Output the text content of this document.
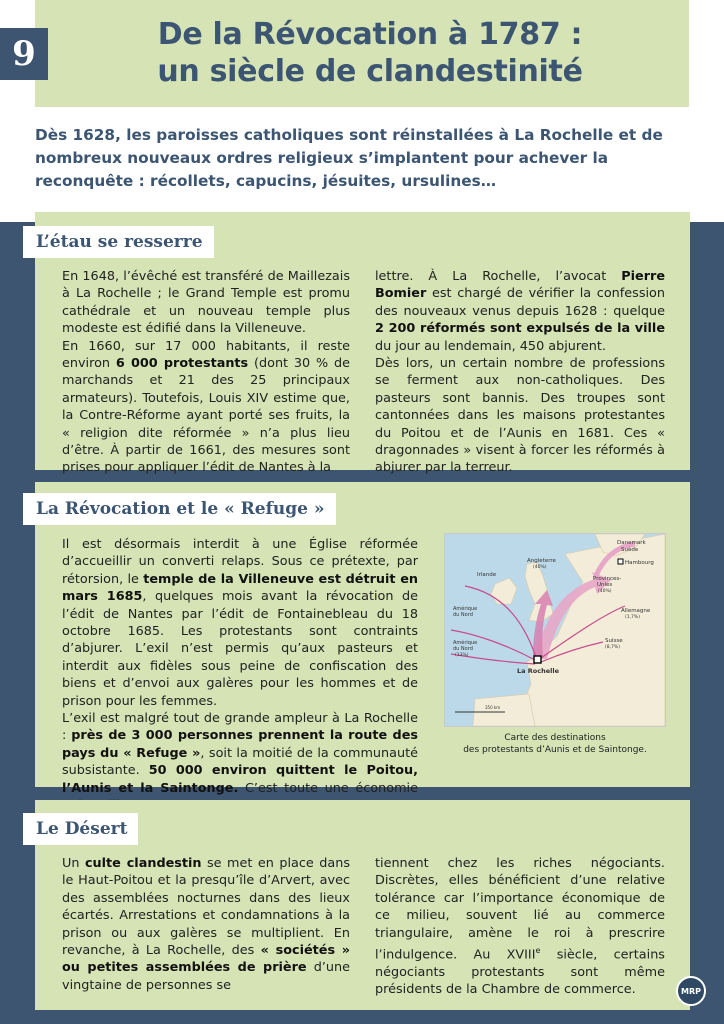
9	De la Révocation à 1787 :
un siècle de clandestinité
Dès 1628, les paroisses catholiques sont réinstallées à La Rochelle et de nombreux nouveaux ordres religieux s’implantent pour achever la reconquête : récollets, capucins, jésuites, ursulines…
L’étau se resserre

En 1648, l’évêché est transféré de Maillezais à La Rochelle ; le Grand Temple est promu cathédrale et un nouveau temple plus modeste est édifié dans la Villeneuve.

En 1660, sur 17 000 habitants, il reste environ 6 000 protestants (dont 30 % de marchands et 21 des 25 principaux armateurs). Toutefois, Louis XIV estime que, la Contre-Réforme ayant porté ses fruits, la « religion dite réformée » n’a plus lieu d’être. À partir de 1661, des mesures sont prises pour appliquer l’édit de Nantes à la

lettre. À La Rochelle, l’avocat Pierre Bomier est chargé de vérifier la confession des nouveaux venus depuis 1628 : quelque 2 200 réformés sont expulsés de la ville du jour au lendemain, 450 abjurent.

Dès lors, un certain nombre de professions se ferment aux non-catholiques. Des pasteurs sont bannis. Des troupes sont cantonnées dans les maisons protestantes du Poitou et de l’Aunis en 1681. Ces « dragonnades » visent à forcer les réformés à abjurer par la terreur.

La Révocation et le « Refuge »

Il est désormais interdit à une Église réformée d’accueillir un converti relaps. Sous ce prétexte, par rétorsion, le temple de la Villeneuve est détruit en mars 1685, quelques mois avant la révocation de l’édit de Nantes par l’édit de Fontainebleau du 18 octobre 1685. Les protestants sont contraints d’abjurer. L’exil n’est permis qu’aux pasteurs et interdit aux fidèles sous peine de confiscation des biens et d’envoi aux galères pour les hommes et de prison pour les femmes.

L’exil est malgré tout de grande ampleur à La Rochelle : près de 3 000 personnes prennent la route des pays du « Refuge », soit la moitié de la communauté subsistante. 50 000 environ quittent le Poitou, l’Aunis et la Saintonge. C’est toute une économie

Danemark
Suède
Hambourg
Irlande
Angleterre
(40%)
Provinces-
Unies
(40%)
Amérique
du Nord
Allemagne
(1,7%)
Amérique
du Nord
(13%)
Suisse
(8,7%)
La Rochelle
350 km
Carte des destinations
des protestants d’Aunis et de Saintonge.
Le Désert

Un culte clandestin se met en place dans le Haut-Poitou et la presqu’île d’Arvert, avec des assemblées nocturnes dans des lieux écartés. Arrestations et condamnations à la prison ou aux galères se multiplient. En revanche, à La Rochelle, des « sociétés » ou petites assemblées de prière d’une vingtaine de personnes se

tiennent chez les riches négociants. Discrètes, elles bénéficient d’une relative tolérance car l’importance économique de ce milieu, souvent lié au commerce triangulaire, amène le roi à prescrire l’indulgence. Au XVIIIe siècle, certains négociants protestants sont même présidents de la Chambre de commerce.	MRP
